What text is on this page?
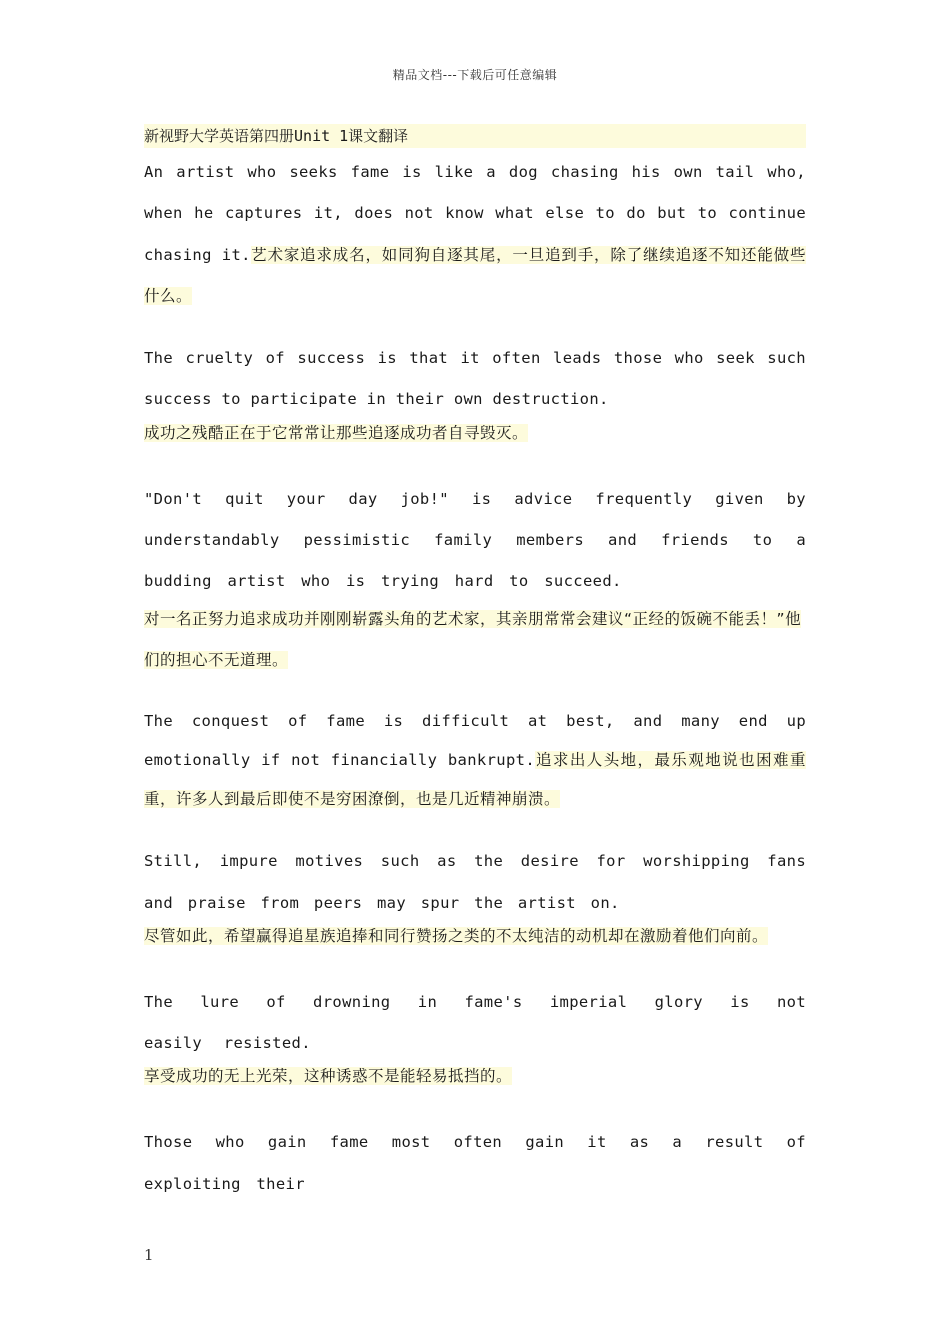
精品文档---下载后可任意编辑
新视野大学英语第四册Unit 1课文翻译

An artist who seeks fame is like a dog chasing his own tail who, when he captures it, does not know what else to do but to continue chasing it.艺术家追求成名，如同狗自逐其尾，一旦追到手，除了继续追逐不知还能做些什么。

The cruelty of success is that it often leads those who seek such success to participate in their own destruction.

成功之残酷正在于它常常让那些追逐成功者自寻毁灭。

"Don't quit your day job!" is advice frequently given by understandably pessimistic family members and friends to a budding artist who is trying hard to succeed.

对一名正努力追求成功并刚刚崭露头角的艺术家，其亲朋常常会建议“正经的饭碗不能丢！”他们的担心不无道理。

The conquest of fame is difficult at best, and many end up emotionally if not financially bankrupt.追求出人头地，最乐观地说也困难重重，许多人到最后即使不是穷困潦倒，也是几近精神崩溃。

Still, impure motives such as the desire for worshipping fans and praise from peers may spur the artist on.

尽管如此，希望赢得追星族追捧和同行赞扬之类的不太纯洁的动机却在激励着他们向前。

The lure of drowning in fame's imperial glory is not easily resisted.

享受成功的无上光荣，这种诱惑不是能轻易抵挡的。

Those who gain fame most often gain it as a result of exploiting their

1
